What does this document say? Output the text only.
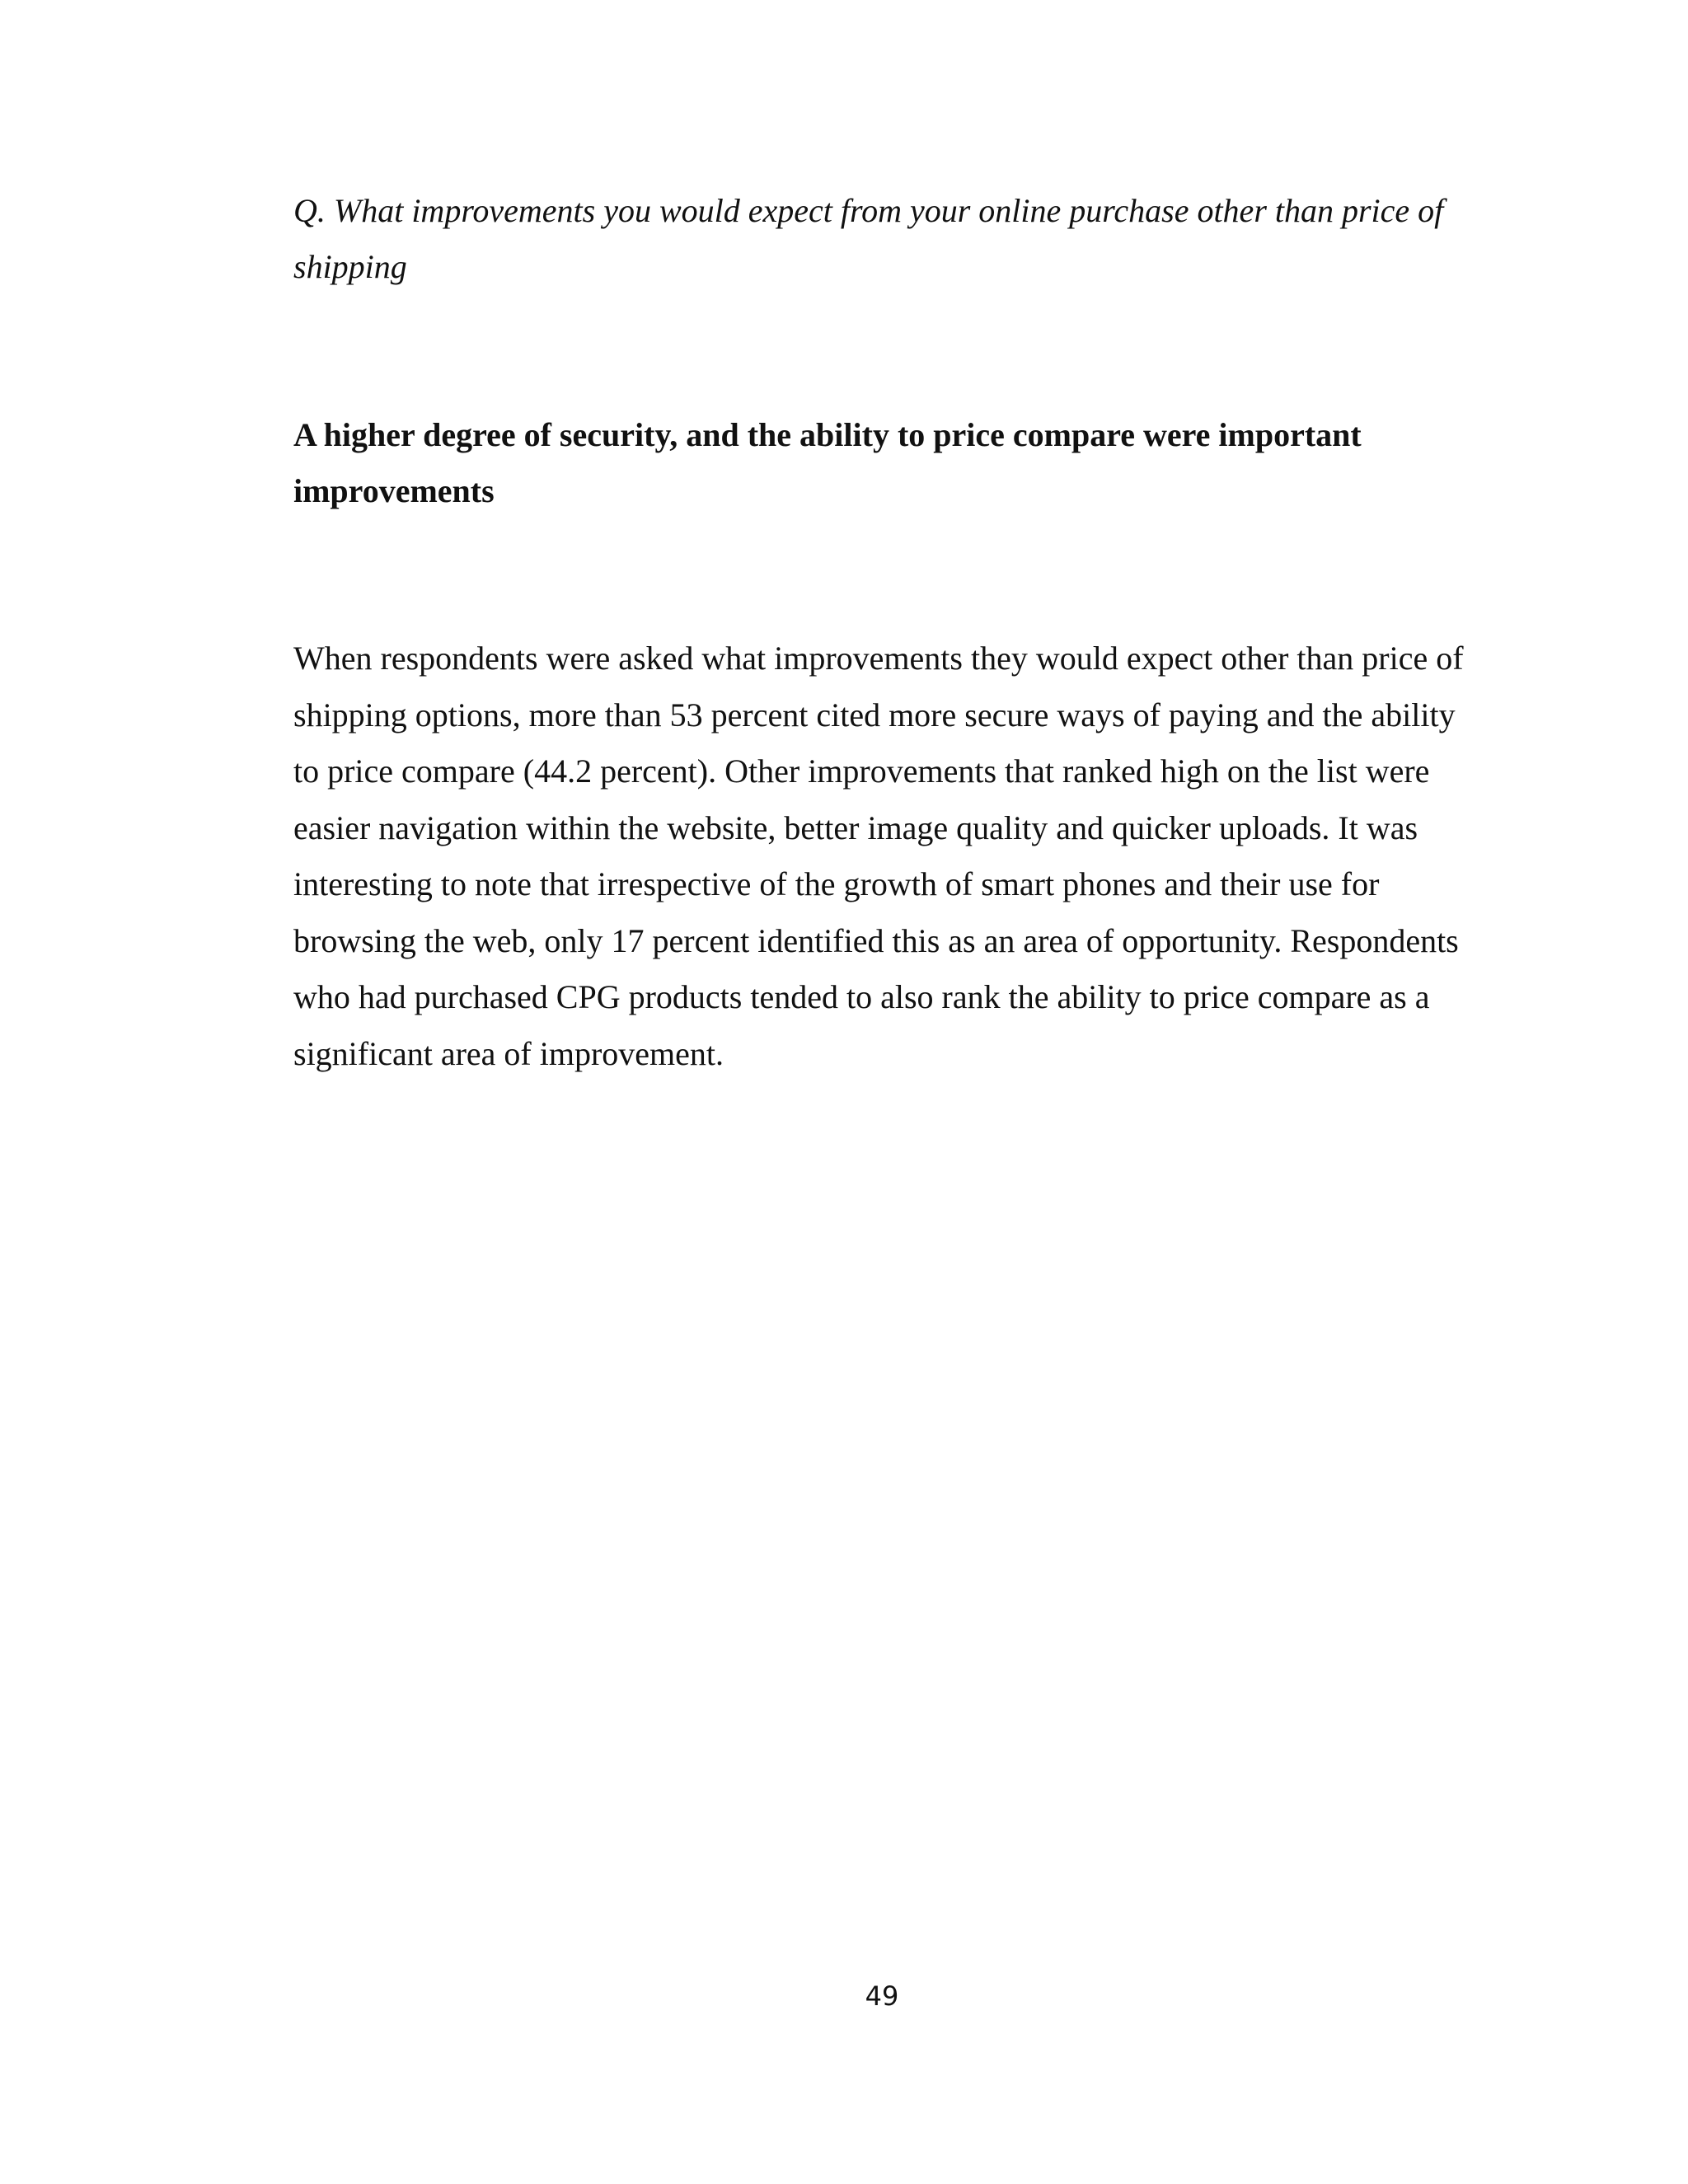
Q. What improvements you would expect from your online purchase other than price of shipping

A higher degree of security, and the ability to price compare were important improvements

When respondents were asked what improvements they would expect other than price of shipping options, more than 53 percent cited more secure ways of paying and the ability to price compare (44.2 percent). Other improvements that ranked high on the list were easier navigation within the website, better image quality and quicker uploads. It was interesting to note that irrespective of the growth of smart phones and their use for browsing the web, only 17 percent identified this as an area of opportunity. Respondents who had purchased CPG products tended to also rank the ability to price compare as a significant area of improvement.

49
